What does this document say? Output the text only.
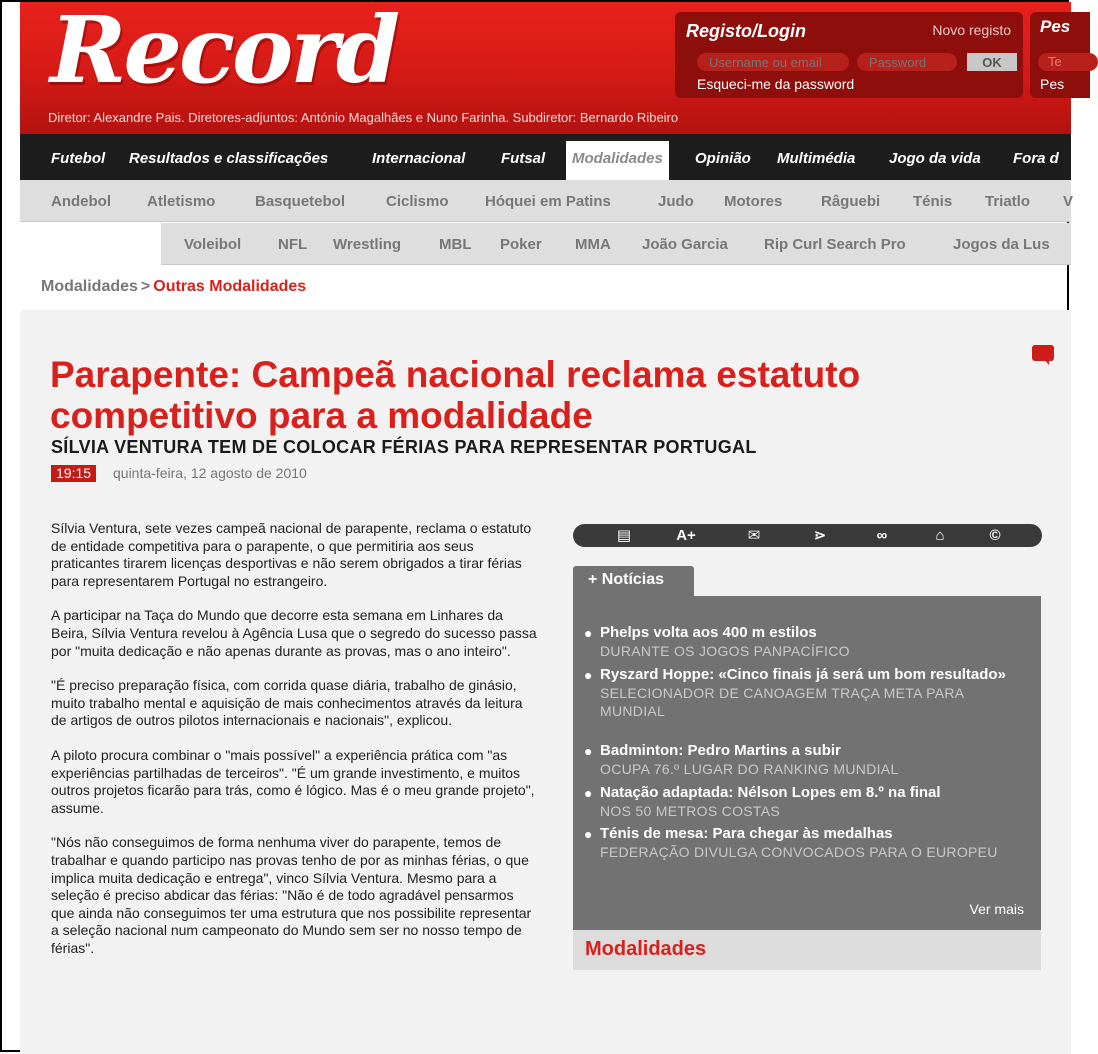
Record
Diretor: Alexandre Pais. Diretores-adjuntos: António Magalhães e Nuno Farinha. Subdiretor: Bernardo Ribeiro
Registo/Login	Novo registo
Username ou email
Password
OK
Esqueci-me da password
Pes
Te
Pes
Futebol Resultados e classificações	Internacional Futsal	Modalidades	Opinião Multimédia Jogo da vida Fora d
Andebol Atletismo	Basquetebol	Ciclismo Hóquei em Patins	Judo Motores	Râguebi Ténis Triatlo V
Voleibol NFL Wrestling	MBL Poker MMA João Garcia Rip Curl Search Pro	Jogos da Lus
Modalidades > Outras Modalidades
Parapente: Campeã nacional reclama estatuto competitivo para a modalidade
SÍLVIA VENTURA TEM DE COLOCAR FÉRIAS PARA REPRESENTAR PORTUGAL
19:15	quinta-feira, 12 agosto de 2010

Sílvia Ventura, sete vezes campeã nacional de parapente, reclama o estatuto de entidade competitiva para o parapente, o que permitiria aos seus praticantes tirarem licenças desportivas e não serem obrigados a tirar férias para representarem Portugal no estrangeiro.

A participar na Taça do Mundo que decorre esta semana em Linhares da Beira, Sílvia Ventura revelou à Agência Lusa que o segredo do sucesso passa por "muita dedicação e não apenas durante as provas, mas o ano inteiro".

"É preciso preparação física, com corrida quase diária, trabalho de ginásio, muito trabalho mental e aquisição de mais conhecimentos através da leitura de artigos de outros pilotos internacionais e nacionais", explicou.

A piloto procura combinar o "mais possível" a experiência prática com "as experiências partilhadas de terceiros". "É um grande investimento, e muitos outros projetos ficarão para trás, como é lógico. Mas é o meu grande projeto", assume.

"Nós não conseguimos de forma nenhuma viver do parapente, temos de trabalhar e quando participo nas provas tenho de por as minhas férias, o que implica muita dedicação e entrega", vinco Sílvia Ventura. Mesmo para a seleção é preciso abdicar das férias: "Não é de todo agradável pensarmos que ainda não conseguimos ter uma estrutura que nos possibilite representar a seleção nacional num campeonato do Mundo sem ser no nosso tempo de férias".

▤	A+	✉	⋗	∞	⌂	©
+ Notícias
● Phelps volta aos 400 m estilos
DURANTE OS JOGOS PANPACÍFICO
● Ryszard Hoppe: «Cinco finais já será um bom resultado»
SELECIONADOR DE CANOAGEM TRAÇA META PARA MUNDIAL
● Badminton: Pedro Martins a subir
OCUPA 76.º LUGAR DO RANKING MUNDIAL
● Natação adaptada: Nélson Lopes em 8.º na final
NOS 50 METROS COSTAS
● Ténis de mesa: Para chegar às medalhas
FEDERAÇÃO DIVULGA CONVOCADOS PARA O EUROPEU
Ver mais
Modalidades
